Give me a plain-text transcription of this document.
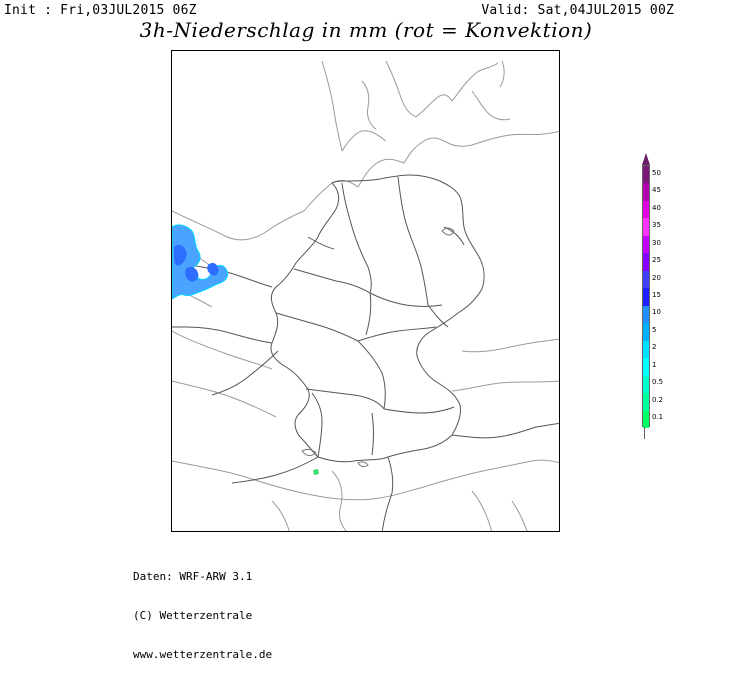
Init : Fri,03JUL2015 06Z	Valid: Sat,04JUL2015 00Z
3h-Niederschlag in mm (rot = Konvektion)
50
45
40
35
30
25
20
15
10
5
2
1
0.5
0.2
0.1

Daten: WRF-ARW 3.1

(C) Wetterzentrale

www.wetterzentrale.de
